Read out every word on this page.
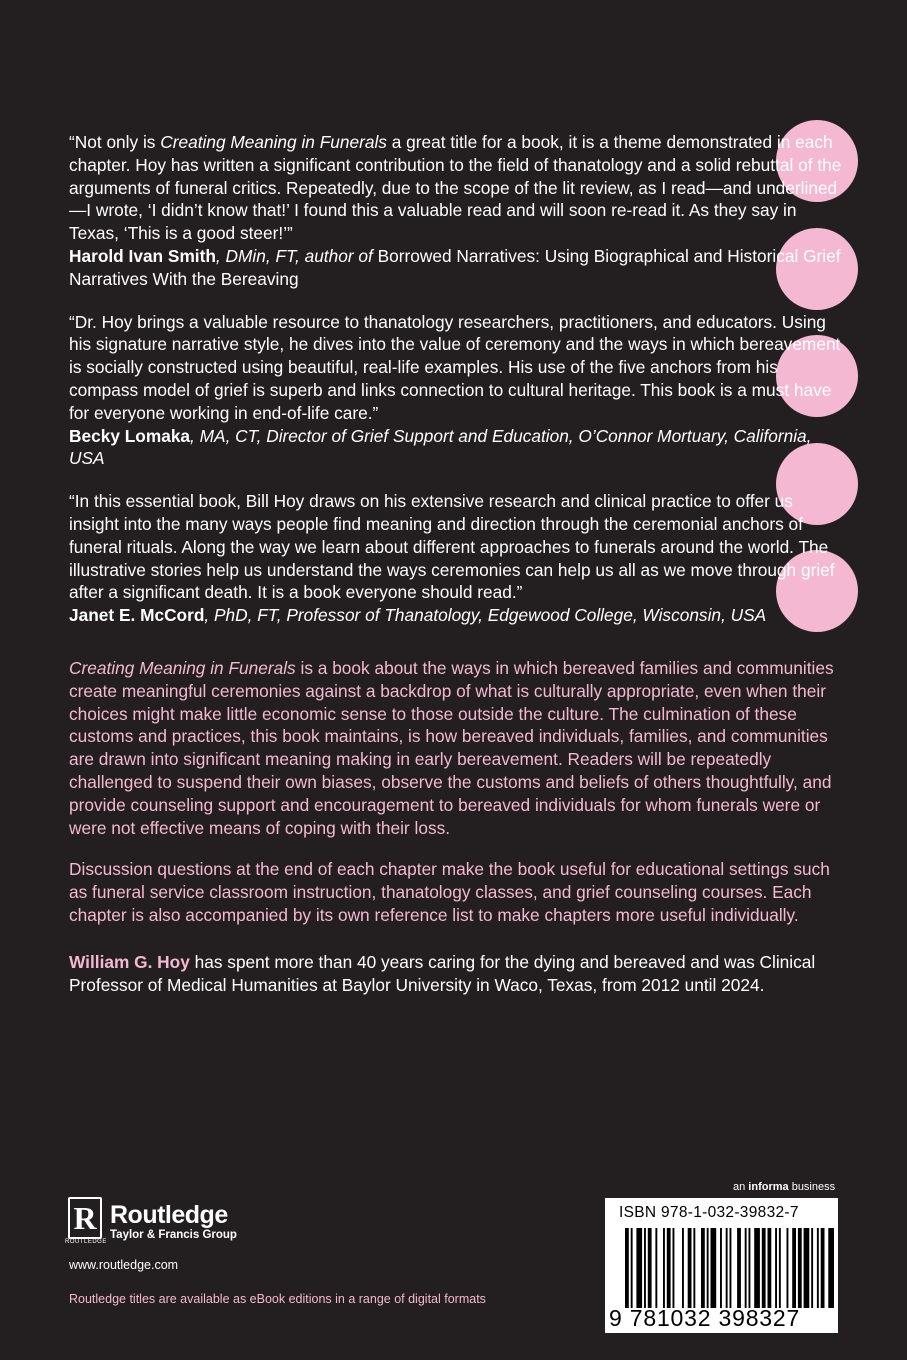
“Not only is Creating Meaning in Funerals a great title for a book, it is a theme demonstrated in each chapter. Hoy has written a significant contribution to the field of thanatology and a solid rebuttal of the arguments of funeral critics. Repeatedly, due to the scope of the lit review, as I read—and underlined—I wrote, ‘I didn’t know that!’ I found this a valuable read and will soon re-read it. As they say in Texas, ‘This is a good steer!’”

Harold Ivan Smith, DMin, FT, author of Borrowed Narratives: Using Biographical and Historical Grief Narratives With the Bereaving

“Dr. Hoy brings a valuable resource to thanatology researchers, practitioners, and educators. Using his signature narrative style, he dives into the value of ceremony and the ways in which bereavement is socially constructed using beautiful, real-life examples. His use of the five anchors from his compass model of grief is superb and links connection to cultural heritage. This book is a must have for everyone working in end-of-life care.”

Becky Lomaka, MA, CT, Director of Grief Support and Education, O’Connor Mortuary, California, USA

“In this essential book, Bill Hoy draws on his extensive research and clinical practice to offer us insight into the many ways people find meaning and direction through the ceremonial anchors of funeral rituals. Along the way we learn about different approaches to funerals around the world. The illustrative stories help us understand the ways ceremonies can help us all as we move through grief after a significant death. It is a book everyone should read.”

Janet E. McCord, PhD, FT, Professor of Thanatology, Edgewood College, Wisconsin, USA

Creating Meaning in Funerals is a book about the ways in which bereaved families and communities create meaningful ceremonies against a backdrop of what is culturally appropriate, even when their choices might make little economic sense to those outside the culture. The culmination of these customs and practices, this book maintains, is how bereaved individuals, families, and communities are drawn into significant meaning making in early bereavement. Readers will be repeatedly challenged to suspend their own biases, observe the customs and beliefs of others thoughtfully, and provide counseling support and encouragement to bereaved individuals for whom funerals were or were not effective means of coping with their loss.

Discussion questions at the end of each chapter make the book useful for educational settings such as funeral service classroom instruction, thanatology classes, and grief counseling courses. Each chapter is also accompanied by its own reference list to make chapters more useful individually.

William G. Hoy has spent more than 40 years caring for the dying and bereaved and was Clinical Professor of Medical Humanities at Baylor University in Waco, Texas, from 2012 until 2024.
R
ROUTLEDGE
Routledge
Taylor & Francis Group
www.routledge.com
Routledge titles are available as eBook editions in a range of digital formats
an informa business
ISBN 978-1-032-39832-7
9 781032 398327
